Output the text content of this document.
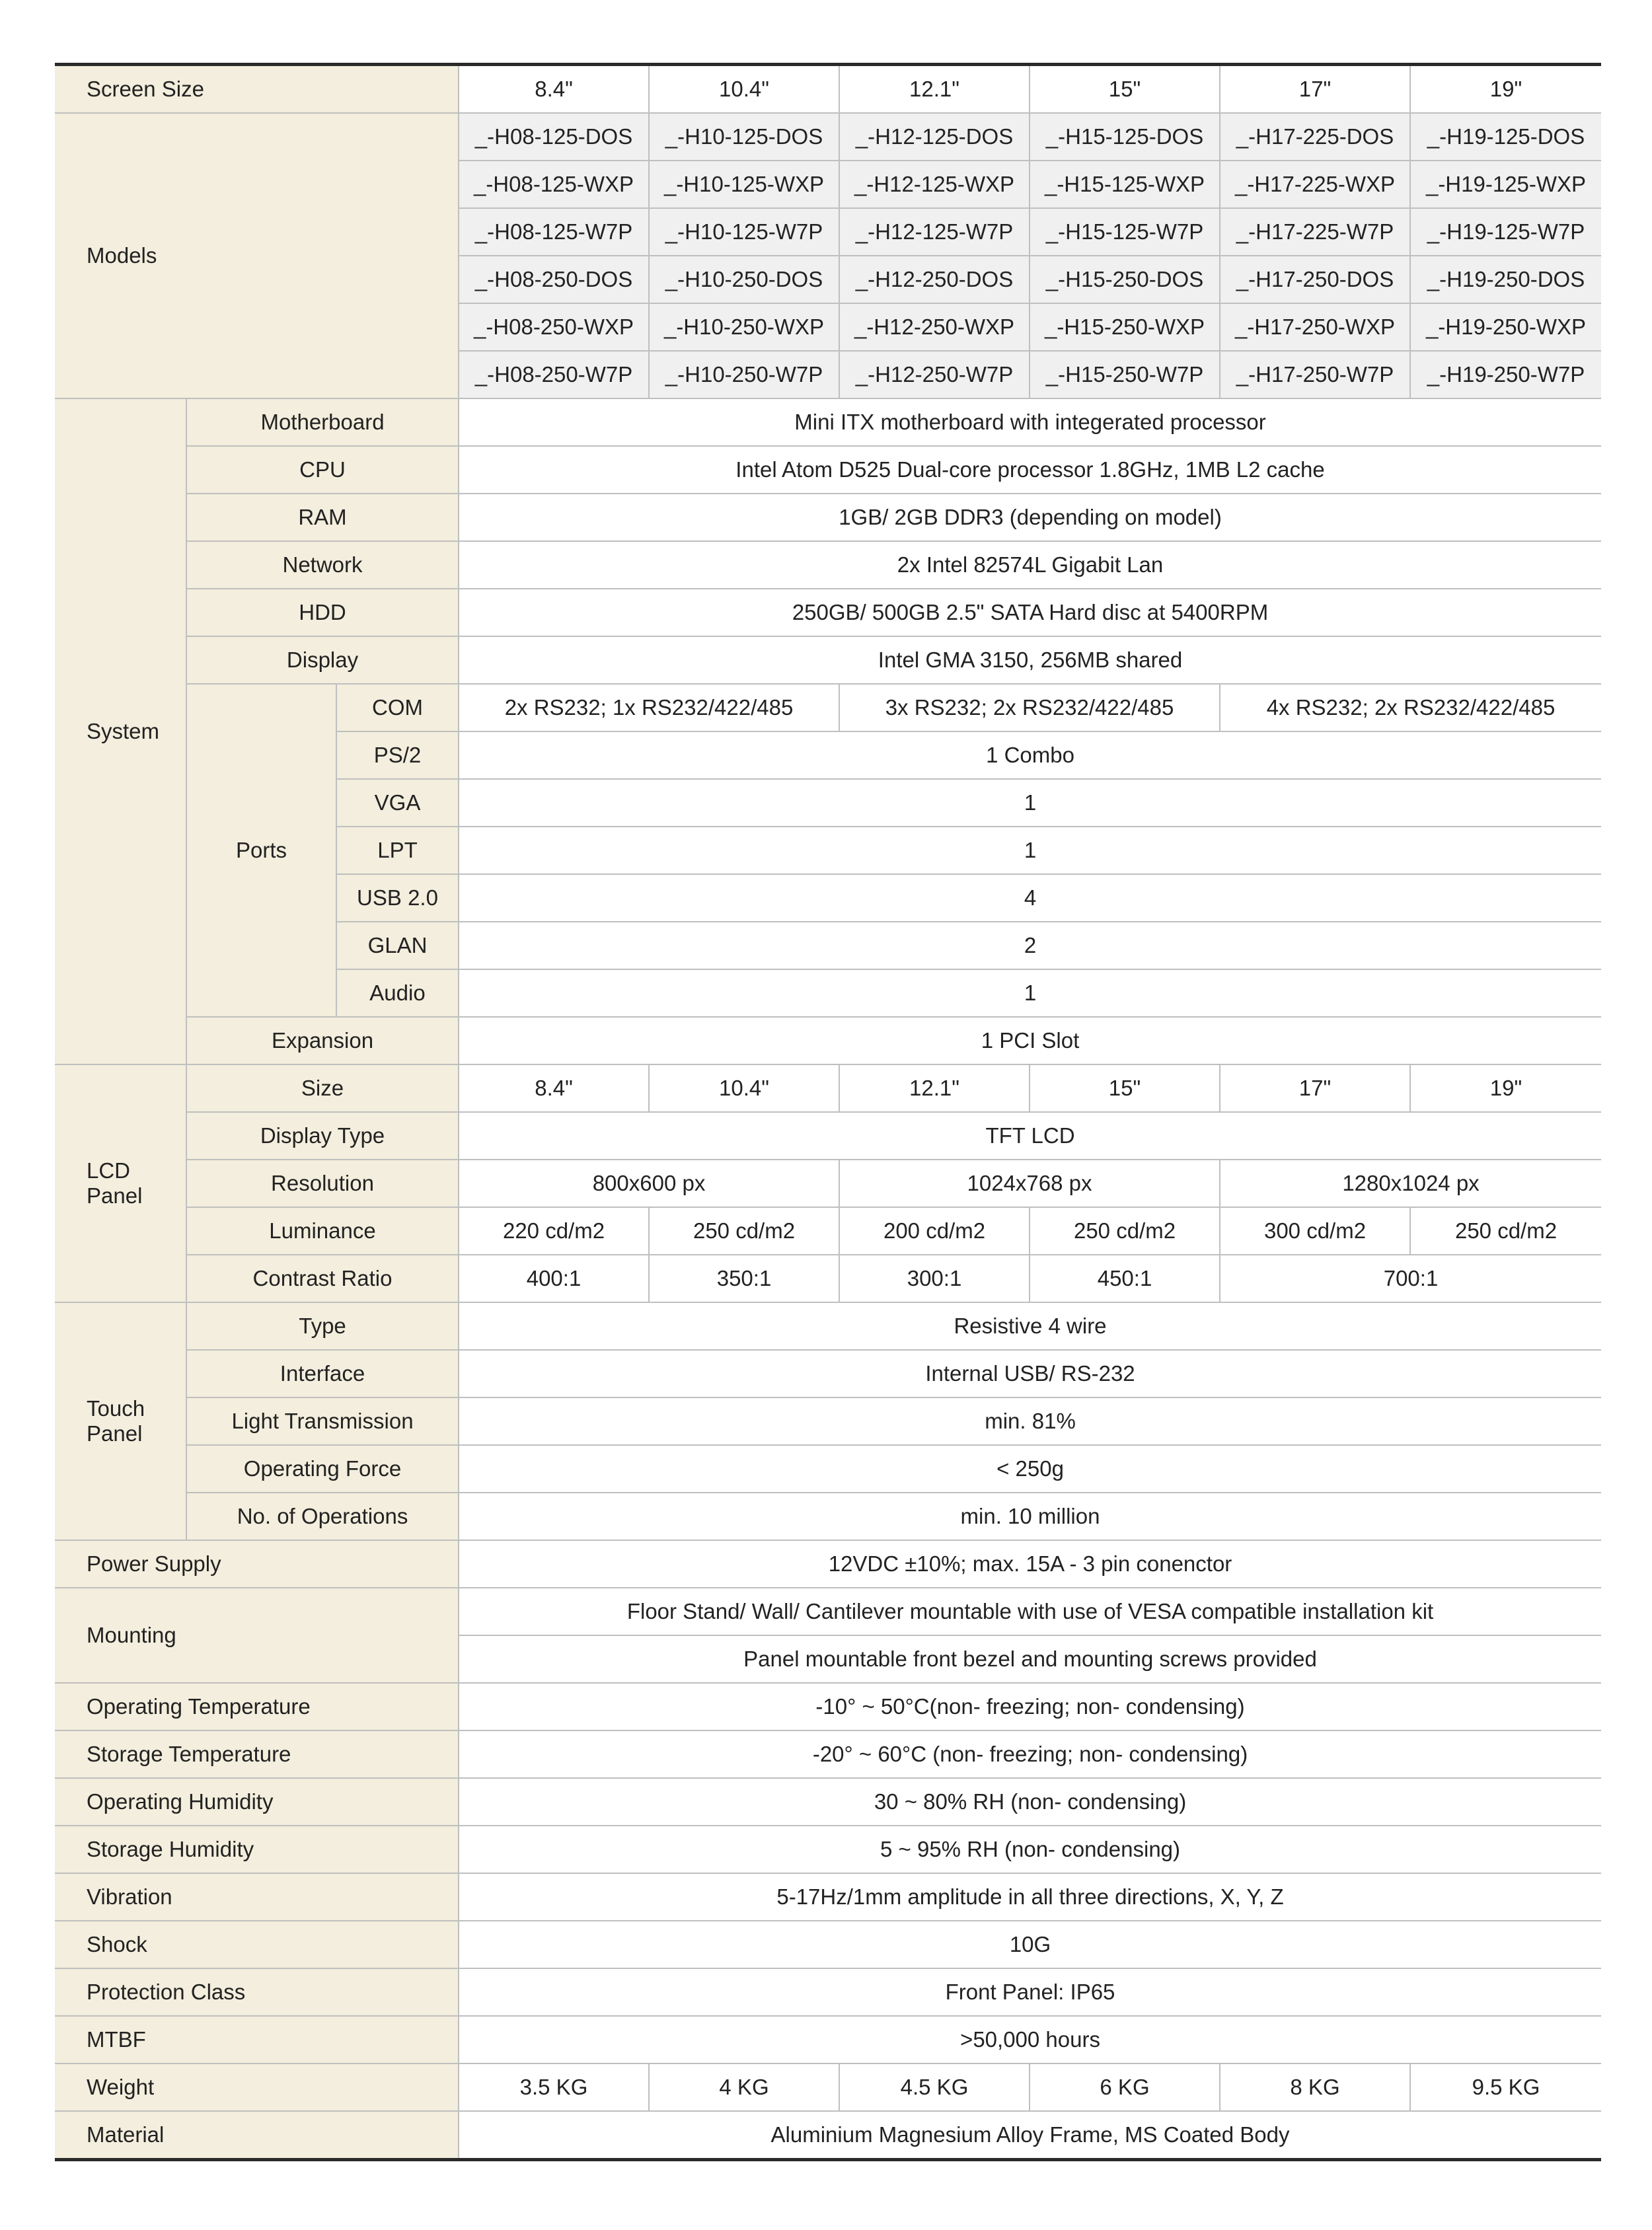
Screen Size			8.4"	10.4"	12.1"	15"	17"	19"
Models			_-H08-125-DOS	_-H10-125-DOS	_-H12-125-DOS	_-H15-125-DOS	_-H17-225-DOS	_-H19-125-DOS
			_-H08-125-WXP	_-H10-125-WXP	_-H12-125-WXP	_-H15-125-WXP	_-H17-225-WXP	_-H19-125-WXP
			_-H08-125-W7P	_-H10-125-W7P	_-H12-125-W7P	_-H15-125-W7P	_-H17-225-W7P	_-H19-125-W7P
			_-H08-250-DOS	_-H10-250-DOS	_-H12-250-DOS	_-H15-250-DOS	_-H17-250-DOS	_-H19-250-DOS
			_-H08-250-WXP	_-H10-250-WXP	_-H12-250-WXP	_-H15-250-WXP	_-H17-250-WXP	_-H19-250-WXP
			_-H08-250-W7P	_-H10-250-W7P	_-H12-250-W7P	_-H15-250-W7P	_-H17-250-W7P	_-H19-250-W7P
System	Motherboard		Mini ITX motherboard with integerated processor					
	CPU		Intel Atom D525 Dual-core processor 1.8GHz, 1MB L2 cache					
	RAM		1GB/ 2GB DDR3 (depending on model)					
	Network		2x Intel 82574L Gigabit Lan					
	HDD		250GB/ 500GB 2.5" SATA Hard disc at 5400RPM					
	Display		Intel GMA 3150, 256MB shared					
	Ports	COM	2x RS232; 1x RS232/422/485		3x RS232; 2x RS232/422/485		4x RS232; 2x RS232/422/485	
		PS/2	1 Combo					
		VGA	1					
		LPT	1					
		USB 2.0	4					
		GLAN	2					
		Audio	1					
	Expansion		1 PCI Slot					
LCD
Panel	Size		8.4"	10.4"	12.1"	15"	17"	19"
	Display Type		TFT LCD					
	Resolution		800x600 px		1024x768 px		1280x1024 px	
	Luminance		220 cd/m2	250 cd/m2	200 cd/m2	250 cd/m2	300 cd/m2	250 cd/m2
	Contrast Ratio		400:1	350:1	300:1	450:1	700:1	
Touch
Panel	Type		Resistive 4 wire					
	Interface		Internal USB/ RS-232					
	Light Transmission		min. 81%					
	Operating Force		< 250g					
	No. of Operations		min. 10 million					
Power Supply			12VDC ±10%; max. 15A - 3 pin conenctor					
Mounting			Floor Stand/ Wall/ Cantilever mountable with use of VESA compatible installation kit					
			Panel mountable front bezel and mounting screws provided					
Operating Temperature			-10° ~ 50°C(non- freezing; non- condensing)					
Storage Temperature			-20° ~ 60°C (non- freezing; non- condensing)					
Operating Humidity			30 ~ 80% RH (non- condensing)					
Storage Humidity			5 ~ 95% RH (non- condensing)					
Vibration			5-17Hz/1mm amplitude in all three directions, X, Y, Z					
Shock			10G					
Protection Class			Front Panel: IP65					
MTBF			>50,000 hours					
Weight			3.5 KG	4 KG	4.5 KG	6 KG	8 KG	9.5 KG
Material			Aluminium Magnesium Alloy Frame, MS Coated Body					
